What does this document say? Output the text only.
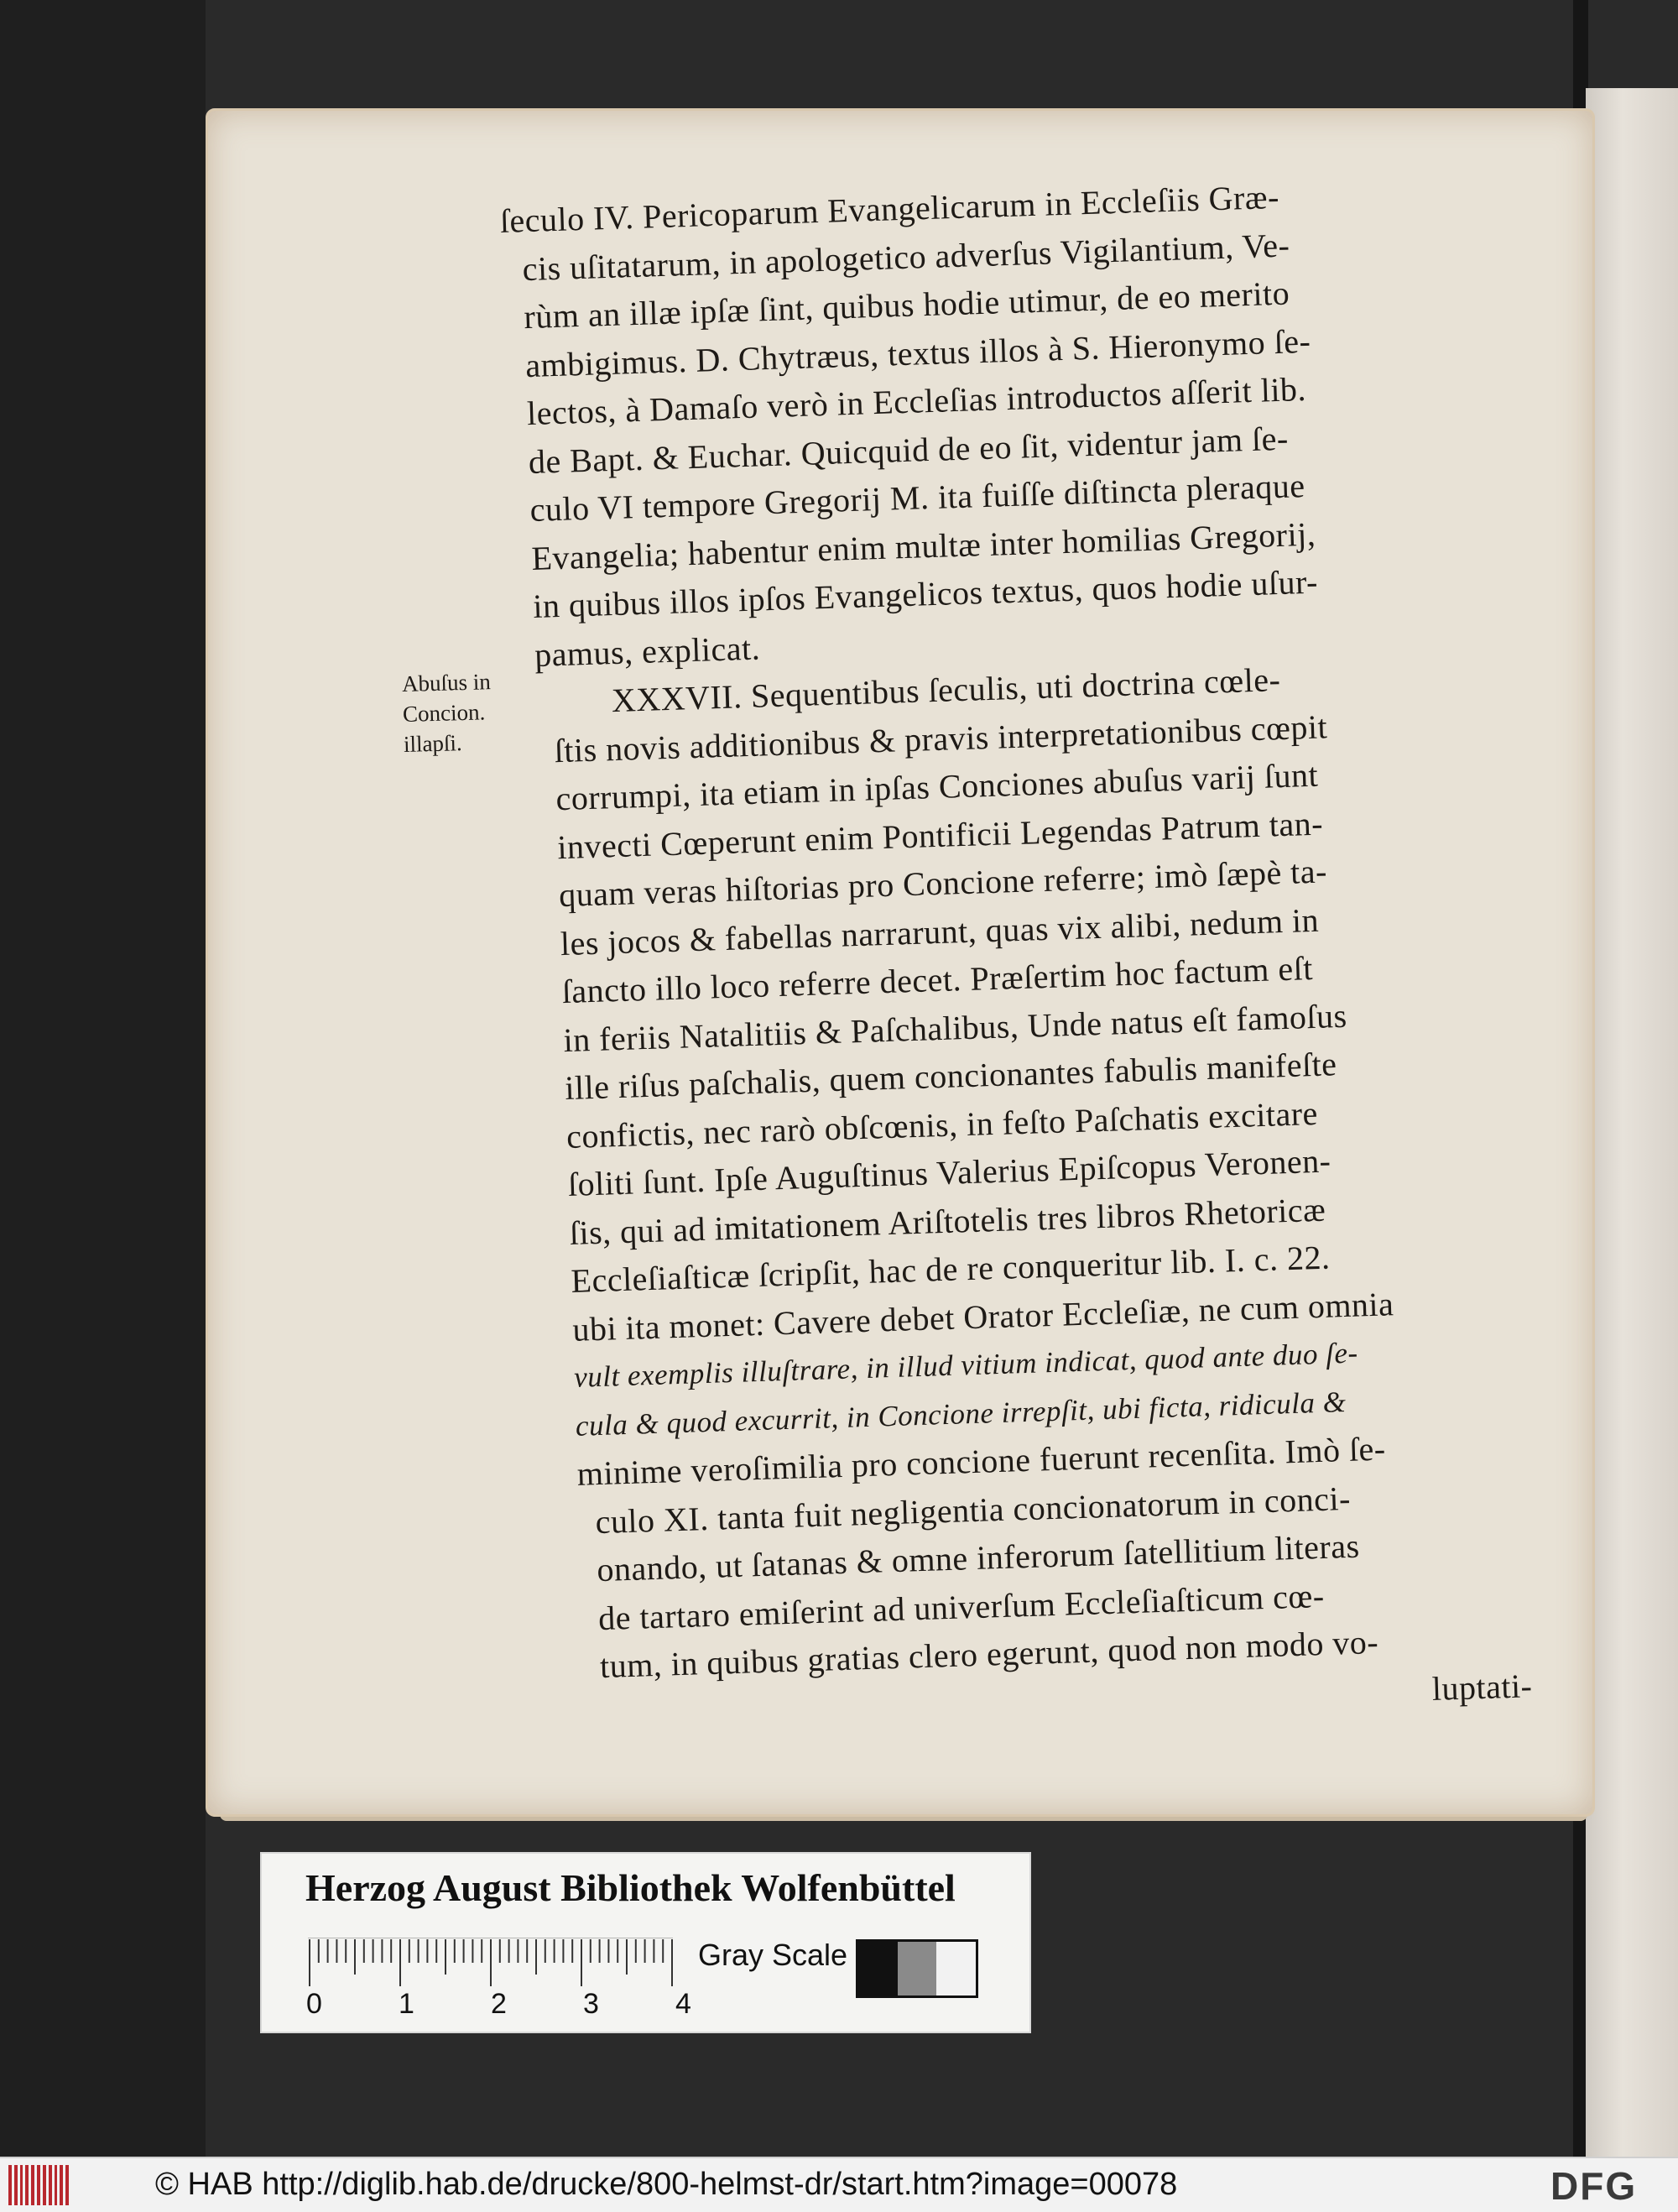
Abuſus in
Concion.
illapſi.
ſeculo IV. Pericoparum Evangelicarum in Eccleſiis Græ-
cis uſitatarum, in apologetico adverſus Vigilantium, Ve-
rùm an illæ ipſæ ſint, quibus hodie utimur, de eo merito
ambigimus. D. Chytræus, textus illos à S. Hieronymo ſe-
lectos, à Damaſo verò in Eccleſias introductos aſſerit lib.
de Bapt. & Euchar. Quicquid de eo ſit, videntur jam ſe-
culo VI tempore Gregorij M. ita fuiſſe diſtincta pleraque
Evangelia; habentur enim multæ inter homilias Gregorij,
in quibus illos ipſos Evangelicos textus, quos hodie uſur-
pamus, explicat.
XXXVII. Sequentibus ſeculis, uti doctrina cœle-
ſtis novis additionibus & pravis interpretationibus cœpit
corrumpi, ita etiam in ipſas Conciones abuſus varij ſunt
invecti Cœperunt enim Pontificii Legendas Patrum tan-
quam veras hiſtorias pro Concione referre; imò ſæpè ta-
les jocos & fabellas narrarunt, quas vix alibi, nedum in
ſancto illo loco referre decet. Præſertim hoc factum eſt
in feriis Natalitiis & Paſchalibus, Unde natus eſt famoſus
ille riſus paſchalis, quem concionantes fabulis manifeſte
confictis, nec rarò obſcœnis, in feſto Paſchatis excitare
ſoliti ſunt. Ipſe Auguſtinus Valerius Epiſcopus Veronen-
ſis, qui ad imitationem Ariſtotelis tres libros Rhetoricæ
Eccleſiaſticæ ſcripſit, hac de re conqueritur lib. I. c. 22.
ubi ita monet: Cavere debet Orator Eccleſiæ, ne cum omnia
vult exemplis illuſtrare, in illud vitium indicat, quod ante duo ſe-
cula & quod excurrit, in Concione irrepſit, ubi ficta, ridicula &
minime veroſimilia pro concione fuerunt recenſita. Imò ſe-
culo XI. tanta fuit negligentia concionatorum in conci-
onando, ut ſatanas & omne inferorum ſatellitium literas
de tartaro emiſerint ad univerſum Eccleſiaſticum cœ-
tum, in quibus gratias clero egerunt, quod non modo vo-
luptati-
Herzog August Bibliothek Wolfenbüttel
0	1	2	3	4
Gray Scale
© HAB http://diglib.hab.de/drucke/800-helmst-dr/start.htm?image=00078	DFG
